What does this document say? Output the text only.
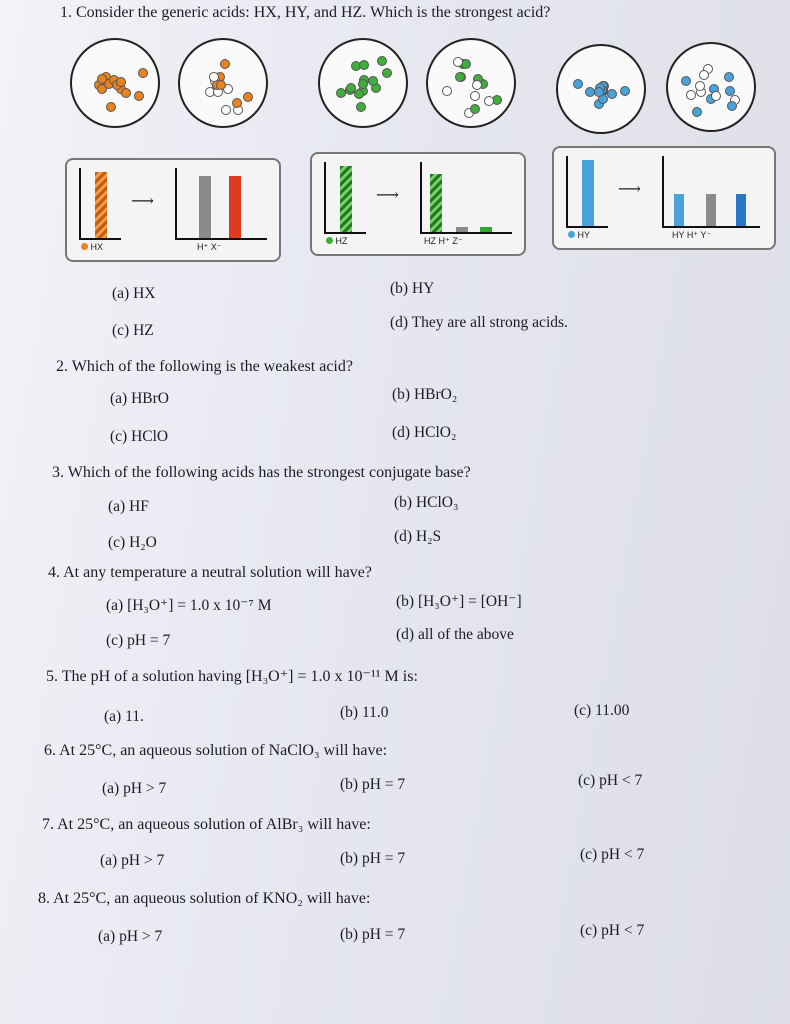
1. Consider the generic acids: HX, HY, and HZ. Which is the strongest acid?
⟶
HX	H⁺ X⁻
⟶
HZ	HZ H⁺ Z⁻
⟶
HY	HY H⁺ Y⁻
(a) HX	(b) HY
(c) HZ	(d) They are all strong acids.
2. Which of the following is the weakest acid?
(a) HBrO	(b) HBrO₂
(c) HClO	(d) HClO₂
3. Which of the following acids has the strongest conjugate base?
(a) HF	(b) HClO₃
(c) H₂O	(d) H₂S
4. At any temperature a neutral solution will have?
(a) [H₃O⁺] = 1.0 x 10⁻⁷ M	(b) [H₃O⁺] = [OH⁻]
(c) pH = 7	(d) all of the above
5. The pH of a solution having [H₃O⁺] = 1.0 x 10⁻¹¹ M is:
(a) 11.	(b) 11.0	(c) 11.00
6. At 25°C, an aqueous solution of NaClO₃ will have:
(a) pH > 7	(b) pH = 7	(c) pH < 7
7. At 25°C, an aqueous solution of AlBr₃ will have:
(a) pH > 7	(b) pH = 7	(c) pH < 7
8. At 25°C, an aqueous solution of KNO₂ will have:
(a) pH > 7	(b) pH = 7	(c) pH < 7
